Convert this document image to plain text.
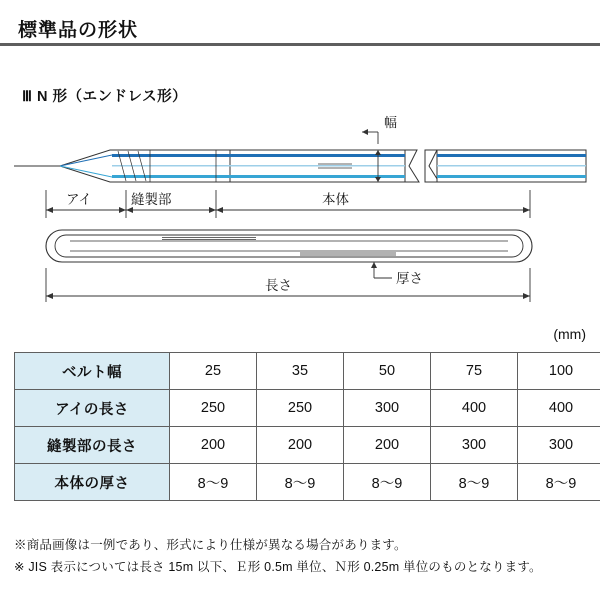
標準品の形状
Ⅲ N 形（エンドレス形）
幅
アイ	縫製部	本体
厚さ
長さ
(mm)
ベルト幅	25	35	50	75	100
アイの長さ	250	250	300	400	400
縫製部の長さ	200	200	200	300	300
本体の厚さ	8～9	8～9	8～9	8～9	8～9
※商品画像は一例であり、形式により仕様が異なる場合があります。
※ JIS 表示については長さ 15m 以下、Ｅ形 0.5m 単位、Ｎ形 0.25m 単位のものとなります。
